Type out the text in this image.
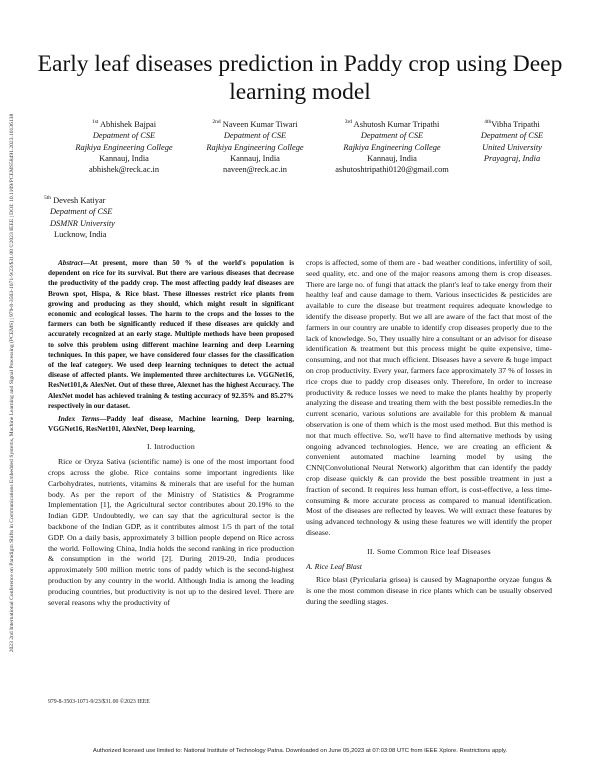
2023 2nd International Conference on Paradigm Shifts in Communications Embedded Systems, Machine Learning and Signal Processing (PCEMS) | 979-8-3503-1071-9/23/$31.00 ©2023 IEEE | DOI: 10.1109/PCEMS58491.2023.10136138
Early leaf diseases prediction in Paddy crop using Deep learning model
$^{1st}$ Abhishek Bajpai
Depatment of CSE
Rajkiya Engineering College
Kannauj, India
abhishek@reck.ac.in
$^{2nd}$ Naveen Kumar Tiwari
Depatment of CSE
Rajkiya Engineering College
Kannauj, India
naveen@reck.ac.in
$^{3rd}$ Ashutosh Kumar Tripathi
Depatment of CSE
Rajkiya Engineering College
Kannauj, India
ashutoshtripathi0120@gmail.com
$^{4th}$Vibha Tripathi
Depatment of CSE
United University
Prayagraj, India
$^{5th}$ Devesh Katiyar
Depatment of CSE
DSMNR University
Lucknow, India

Abstract—At present, more than 50 % of the world's population is dependent on rice for its survival. But there are various diseases that decrease the productivity of the paddy crop. The most affecting paddy leaf diseases are Brown spot, Hispa, & Rice blast. These illnesses restrict rice plants from growing and producing as they should, which might result in significant economic and ecological losses. The harm to the crops and the losses to the farmers can both be significantly reduced if these diseases are quickly and accurately recognized at an early stage. Multiple methods have been proposed to solve this problem using different machine learning and deep Learning techniques. In this paper, we have considered four classes for the classification of the leaf category. We used deep learning techniques to detect the actual disease of affected plants. We implemented three architectures i.e. VGGNet16, ResNet101,& AlexNet. Out of these three, Alexnet has the highest Accuracy. The AlexNet model has achieved training & testing accuracy of 92.35% and 85.27% respectively in our dataset.

Index Terms—Paddy leaf disease, Machine learning, Deep learning, VGGNet16, ResNet101, AlexNet, Deep learning,

I. Introduction

Rice or Oryza Sativa (scientific name) is one of the most important food crops across the globe. Rice contains some important ingredients like Carbohydrates, nutrients, vitamins & minerals that are useful for the human body. As per the report of the Ministry of Statistics & Programme Implementation [1], the Agricultural sector contributes about 20.19% to the Indian GDP. Undoubtedly, we can say that the agricultural sector is the backbone of the Indian GDP, as it contributes almost 1/5 th part of the total GDP. On a daily basis, approximately 3 billion people depend on Rice across the world. Following China, India holds the second ranking in rice production & consumption in the world [2]. During 2019-20, India produces approximately 500 million metric tons of paddy which is the second-highest production by any country in the world. Although India is among the leading producing countries, but productivity is not up to the desired level. There are several reasons why the productivity of

crops is affected, some of them are - bad weather conditions, infertility of soil, seed quality, etc. and one of the major reasons among them is crop diseases. There are large no. of fungi that attack the plant's leaf to take energy from their healthy leaf and cause damage to them. Various insecticides & pesticides are available to cure the disease but treatment requires adequate knowledge to identify the disease properly. But we all are aware of the fact that most of the farmers in our country are unable to identify crop diseases properly due to the lack of knowledge. So, They usually hire a consultant or an advisor for disease identification & treatment but this process might be quite expensive, time-consuming, and not that much efficient. Diseases have a severe & huge impact on crop productivity. Every year, farmers face approximately 37 % of losses in rice crops due to paddy crop diseases only. Therefore, In order to increase productivity & reduce losses we need to make the plants healthy by properly analyzing the disease and treating them with the best possible remedies.In the current scenario, various solutions are available for this problem & manual observation is one of them which is the most used method. But this method is not that much effective. So, we'll have to find alternative methods by using ongoing advanced technologies. Hence, we are creating an efficient & convenient automated machine learning model by using the CNN(Convolutional Neural Network) algorithm that can identify the paddy crop disease quickly & can provide the best possible treatment in just a fraction of second. It requires less human effort, is cost-effective, a less time-consuming & more accurate process as compared to manual identification. Most of the diseases are reflected by leaves. We will extract these features by using advanced technology & using these features we will identify the proper disease.

II. Some Common Rice leaf Diseases
A. Rice Leaf Blast

Rice blast (Pyricularia grisea) is caused by Magnaporthe oryzae fungus & is one the most common disease in rice plants which can be usually observed during the seedling stages.

979-8-3503-1071-9/23/$31.00 ©2023 IEEE
Authorized licensed use limited to: National Institute of Technology Patna. Downloaded on June 05,2023 at 07:03:08 UTC from IEEE Xplore. Restrictions apply.
